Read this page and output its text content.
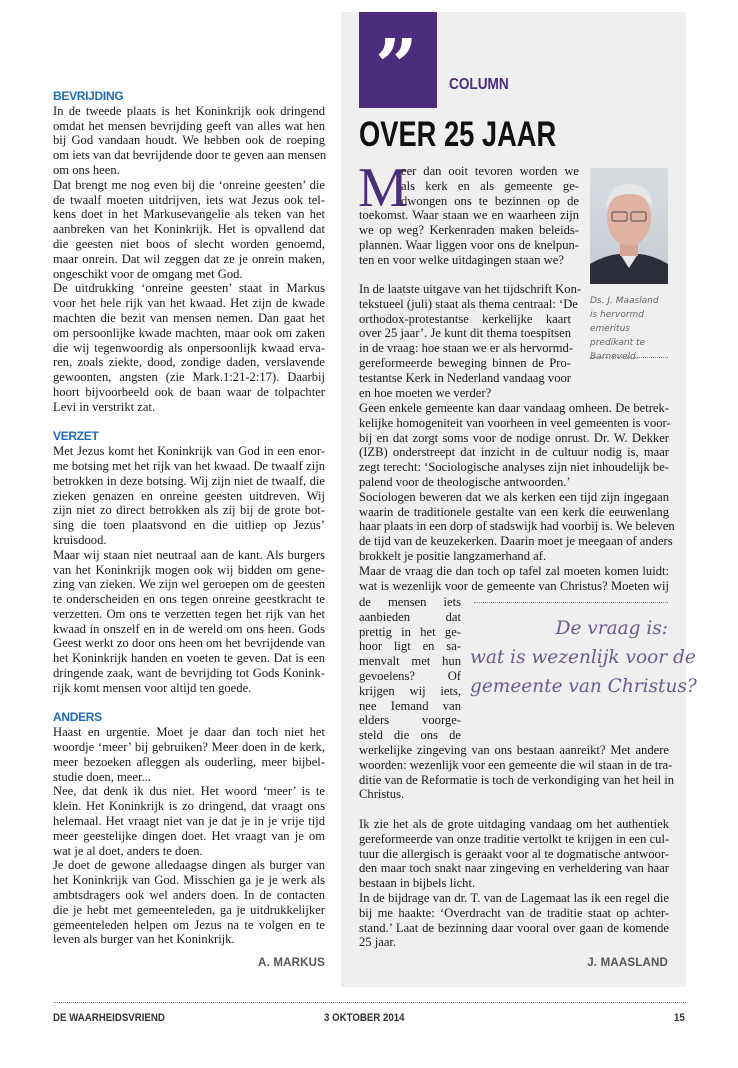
BEVRIJDING
In de tweede plaats is het Koninkrijk ook dringend
omdat het mensen bevrijding geeft van alles wat hen
bij God vandaan houdt. We hebben ook de roeping
om iets van dat bevrijdende door te geven aan mensen
om ons heen.
Dat brengt me nog even bij die ‘onreine geesten’ die
de twaalf moeten uitdrijven, iets wat Jezus ook tel-
kens doet in het Markusevangelie als teken van het
aanbreken van het Koninkrijk. Het is opvallend dat
die geesten niet boos of slecht worden genoemd,
maar onrein. Dat wil zeggen dat ze je onrein maken,
ongeschikt voor de omgang met God.
De uitdrukking ‘onreine geesten’ staat in Markus
voor het hele rijk van het kwaad. Het zijn de kwade
machten die bezit van mensen nemen. Dan gaat het
om persoonlijke kwade machten, maar ook om zaken
die wij tegenwoordig als onpersoonlijk kwaad erva-
ren, zoals ziekte, dood, zondige daden, verslavende
gewoonten, angsten (zie Mark.1:21-2:17). Daarbij
hoort bijvoorbeeld ook de baan waar de tolpachter
Levi in verstrikt zat.
VERZET
Met Jezus komt het Koninkrijk van God in een enor-
me botsing met het rijk van het kwaad. De twaalf zijn
betrokken in deze botsing. Wij zijn niet de twaalf, die
zieken genazen en onreine geesten uitdreven. Wij
zijn niet zo direct betrokken als zij bij de grote bot-
sing die toen plaatsvond en die uitliep op Jezus’
kruisdood.
Maar wij staan niet neutraal aan de kant. Als burgers
van het Koninkrijk mogen ook wij bidden om gene-
zing van zieken. We zijn wel geroepen om de geesten
te onderscheiden en ons tegen onreine geestkracht te
verzetten. Om ons te verzetten tegen het rijk van het
kwaad in onszelf en in de wereld om ons heen. Gods
Geest werkt zo door ons heen om het bevrijdende van
het Koninkrijk handen en voeten te geven. Dat is een
dringende zaak, want de bevrijding tot Gods Konink-
rijk komt mensen voor altijd ten goede.
ANDERS
Haast en urgentie. Moet je daar dan toch niet het
woordje ‘meer’ bij gebruiken? Meer doen in de kerk,
meer bezoeken afleggen als ouderling, meer bijbel-
studie doen, meer...
Nee, dat denk ik dus niet. Het woord ‘meer’ is te
klein. Het Koninkrijk is zo dringend, dat vraagt ons
helemaal. Het vraagt niet van je dat je in je vrije tijd
meer geestelijke dingen doet. Het vraagt van je om
wat je al doet, anders te doen.
Je doet de gewone alledaagse dingen als burger van
het Koninkrijk van God. Misschien ga je je werk als
ambtsdragers ook wel anders doen. In de contacten
die je hebt met gemeenteleden, ga je uitdrukkelijker
gemeenteleden helpen om Jezus na te volgen en te
leven als burger van het Koninkrijk.
A. MARKUS
” COLUMN
OVER 25 JAAR
M
eer dan ooit tevoren worden we
als kerk en als gemeente ge-
dwongen ons te bezinnen op de
toekomst. Waar staan we en waarheen zijn
we op weg? Kerkenraden maken beleids-
plannen. Waar liggen voor ons de knelpun-
ten en voor welke uitdagingen staan we?
Ds. J. Maasland is hervormd emeritus predikant te Barneveld.
In de laatste uitgave van het tijdschrift Kon-
tekstueel (juli) staat als thema centraal: ‘De
orthodox-protestantse kerkelijke kaart
over 25 jaar’. Je kunt dit thema toespitsen
in de vraag: hoe staan we er als hervormd-
gereformeerde beweging binnen de Pro-
testantse Kerk in Nederland vandaag voor
en hoe moeten we verder?
Geen enkele gemeente kan daar vandaag omheen. De betrek-
kelijke homogeniteit van voorheen in veel gemeenten is voor-
bij en dat zorgt soms voor de nodige onrust. Dr. W. Dekker
(IZB) onderstreept dat inzicht in de cultuur nodig is, maar
zegt terecht: ‘Sociologische analyses zijn niet inhoudelijk be-
palend voor de theologische antwoorden.’
Sociologen beweren dat we als kerken een tijd zijn ingegaan
waarin de traditionele gestalte van een kerk die eeuwenlang
haar plaats in een dorp of stadswijk had voorbij is. We beleven
de tijd van de keuzekerken. Daarin moet je meegaan of anders
brokkelt je positie langzamerhand af.
Maar de vraag die dan toch op tafel zal moeten komen luidt:
wat is wezenlijk voor de gemeente van Christus? Moeten wij
de mensen iets
aanbieden dat
prettig in het ge-
hoor ligt en sa-
menvalt met hun
gevoelens? Of
krijgen wij iets,
nee Iemand van
elders voorge-
steld die ons de
De vraag is:
wat is wezenlijk voor de
gemeente van Christus?
werkelijke zingeving van ons bestaan aanreikt? Met andere
woorden: wezenlijk voor een gemeente die wil staan in de tra-
ditie van de Reformatie is toch de verkondiging van het heil in
Christus.
Ik zie het als de grote uitdaging vandaag om het authentiek
gereformeerde van onze traditie vertolkt te krijgen in een cul-
tuur die allergisch is geraakt voor al te dogmatische antwoor-
den maar toch snakt naar zingeving en verheldering van haar
bestaan in bijbels licht.
In de bijdrage van dr. T. van de Lagemaat las ik een regel die
bij me haakte: ‘Overdracht van de traditie staat op achter-
stand.’ Laat de bezinning daar vooral over gaan de komende
25 jaar.
J. MAASLAND
DE WAARHEIDSVRIEND	3 OKTOBER 2014	15
